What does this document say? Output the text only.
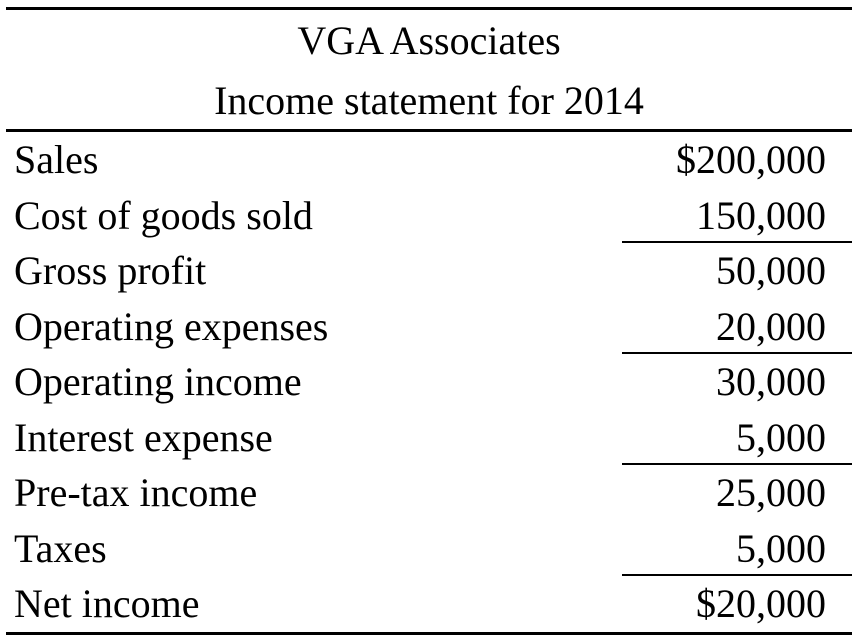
VGA Associates
Income statement for 2014
Sales	$200,000
Cost of goods sold	150,000
Gross profit	50,000
Operating expenses	20,000
Operating income	30,000
Interest expense	5,000
Pre-tax income	25,000
Taxes	5,000
Net income	$20,000
